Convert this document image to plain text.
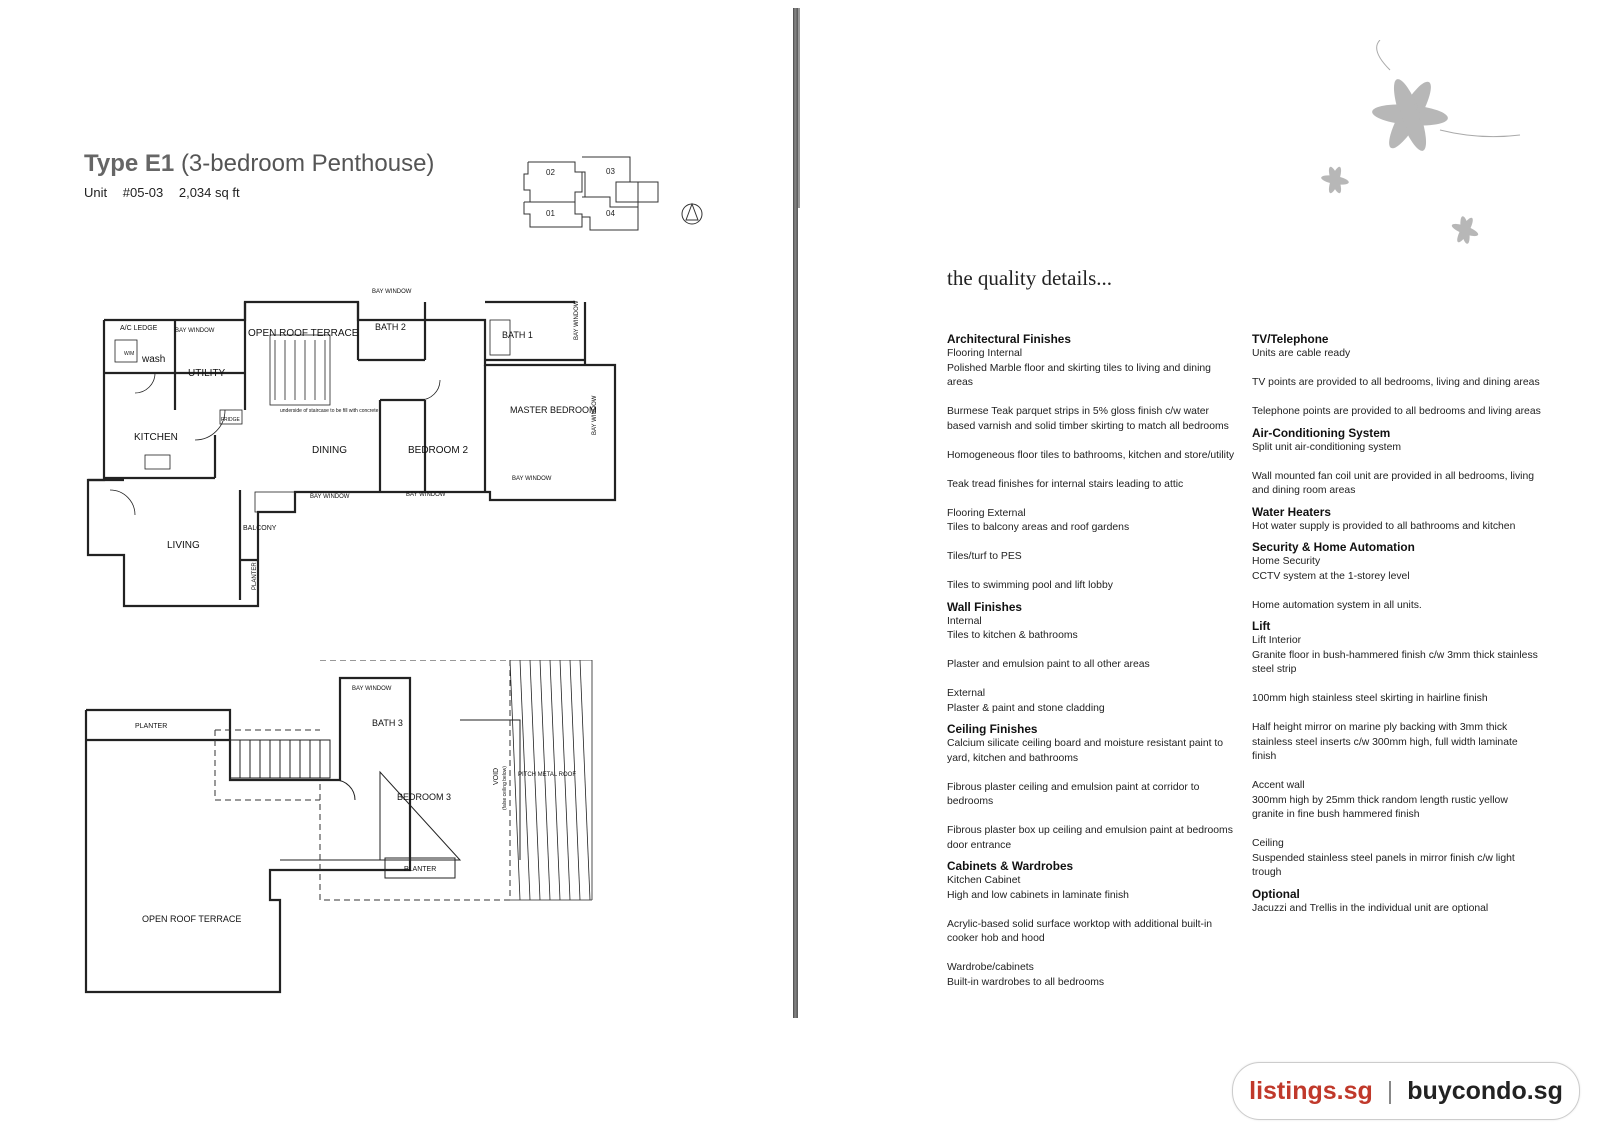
Type E1 (3-bedroom Penthouse)
Unit #05-03 2,034 sq ft
02	03
01	04
A/C LEDGE	BAY WINDOW	OPEN ROOF TERRACE
BAY WINDOW
BATH 2
BATH 1	BAY WINDOW
W/M wash
UTILITY
KITCHEN
FRIDGE
underside of staircase to be fill with concrete
DINING	BEDROOM 2
MASTER BEDROOM
BAY WINDOW
BAY WINDOW	BAY WINDOW
BAY WINDOW
BALCONY
LIVING
PLANTER
PLANTER
BAY WINDOW
BATH 3
VOID (false ceiling below) PITCH METAL ROOF
BEDROOM 3
PLANTER
OPEN ROOF TERRACE
the quality details...
Architectural Finishes
Flooring Internal
Polished Marble floor and skirting tiles to living and dining areas
Burmese Teak parquet strips in 5% gloss finish c/w water based varnish and solid timber skirting to match all bedrooms
Homogeneous floor tiles to bathrooms, kitchen and store/utility
Teak tread finishes for internal stairs leading to attic
Flooring External
Tiles to balcony areas and roof gardens
Tiles/turf to PES
Tiles to swimming pool and lift lobby
Wall Finishes
Internal
Tiles to kitchen & bathrooms
Plaster and emulsion paint to all other areas
External
Plaster & paint and stone cladding
Ceiling Finishes
Calcium silicate ceiling board and moisture resistant paint to yard, kitchen and bathrooms
Fibrous plaster ceiling and emulsion paint at corridor to bedrooms
Fibrous plaster box up ceiling and emulsion paint at bedrooms door entrance
Cabinets & Wardrobes
Kitchen Cabinet
High and low cabinets in laminate finish
Acrylic-based solid surface worktop with additional built-in cooker hob and hood
Wardrobe/cabinets
Built-in wardrobes to all bedrooms
TV/Telephone
Units are cable ready
TV points are provided to all bedrooms, living and dining areas
Telephone points are provided to all bedrooms and living areas
Air-Conditioning System
Split unit air-conditioning system
Wall mounted fan coil unit are provided in all bedrooms, living and dining room areas
Water Heaters
Hot water supply is provided to all bathrooms and kitchen
Security & Home Automation
Home Security
CCTV system at the 1-storey level
Home automation system in all units.
Lift
Lift Interior
Granite floor in bush-hammered finish c/w 3mm thick stainless steel strip
100mm high stainless steel skirting in hairline finish
Half height mirror on marine ply backing with 3mm thick stainless steel inserts c/w 300mm high, full width laminate finish
Accent wall
300mm high by 25mm thick random length rustic yellow granite in fine bush hammered finish
Ceiling
Suspended stainless steel panels in mirror finish c/w light trough
Optional
Jacuzzi and Trellis in the individual unit are optional
listings.sg | buycondo.sg
